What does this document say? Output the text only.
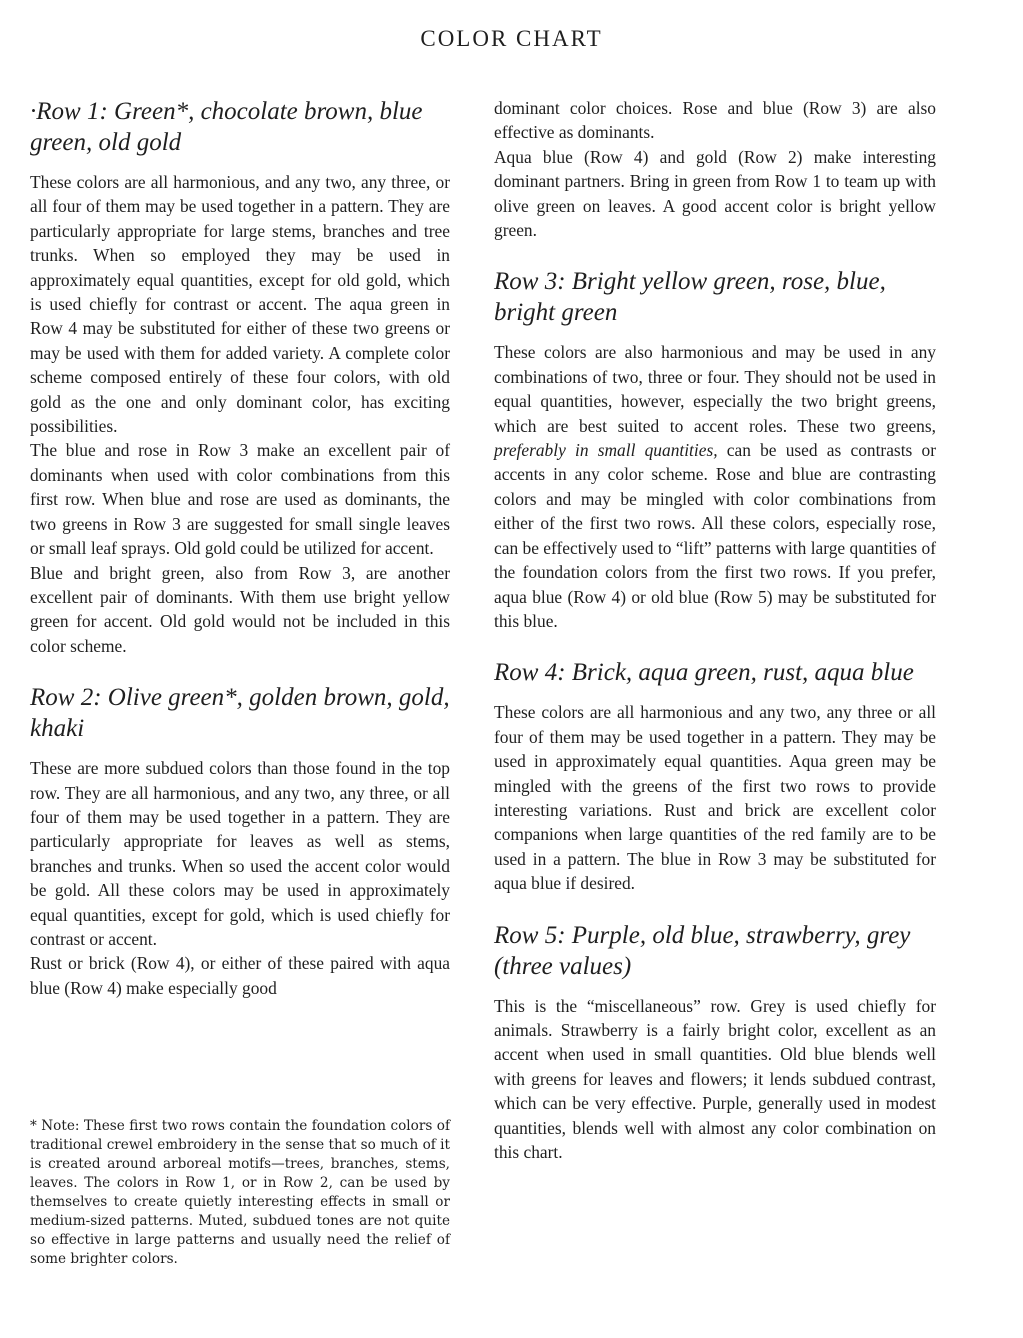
COLOR CHART
·Row 1: Green*, chocolate brown, blue green, old gold

These colors are all harmonious, and any two, any three, or all four of them may be used together in a pattern. They are particularly appropriate for large stems, branches and tree trunks. When so employed they may be used in approximately equal quantities, except for old gold, which is used chiefly for contrast or accent. The aqua green in Row 4 may be substituted for either of these two greens or may be used with them for added variety. A complete color scheme composed entirely of these four colors, with old gold as the one and only dominant color, has exciting possibilities.

The blue and rose in Row 3 make an excellent pair of dominants when used with color combinations from this first row. When blue and rose are used as dominants, the two greens in Row 3 are suggested for small single leaves or small leaf sprays. Old gold could be utilized for accent.

Blue and bright green, also from Row 3, are another excellent pair of dominants. With them use bright yellow green for accent. Old gold would not be included in this color scheme.

Row 2: Olive green*, golden brown, gold, khaki

These are more subdued colors than those found in the top row. They are all harmonious, and any two, any three, or all four of them may be used together in a pattern. They are particularly appropriate for leaves as well as stems, branches and trunks. When so used the accent color would be gold. All these colors may be used in approximately equal quantities, except for gold, which is used chiefly for contrast or accent.

Rust or brick (Row 4), or either of these paired with aqua blue (Row 4) make especially good

* Note: These first two rows contain the foundation colors of traditional crewel embroidery in the sense that so much of it is created around arboreal motifs—trees, branches, stems, leaves. The colors in Row 1, or in Row 2, can be used by themselves to create quietly interesting effects in small or medium-sized patterns. Muted, subdued tones are not quite so effective in large patterns and usually need the relief of some brighter colors.

dominant color choices. Rose and blue (Row 3) are also effective as dominants.

Aqua blue (Row 4) and gold (Row 2) make interesting dominant partners. Bring in green from Row 1 to team up with olive green on leaves. A good accent color is bright yellow green.

Row 3: Bright yellow green, rose, blue, bright green

These colors are also harmonious and may be used in any combinations of two, three or four. They should not be used in equal quantities, however, especially the two bright greens, which are best suited to accent roles. These two greens, preferably in small quantities, can be used as contrasts or accents in any color scheme. Rose and blue are contrasting colors and may be mingled with color combinations from either of the first two rows. All these colors, especially rose, can be effectively used to “lift” patterns with large quantities of the foundation colors from the first two rows. If you prefer, aqua blue (Row 4) or old blue (Row 5) may be substituted for this blue.

Row 4: Brick, aqua green, rust, aqua blue

These colors are all harmonious and any two, any three or all four of them may be used together in a pattern. They may be used in approximately equal quantities. Aqua green may be mingled with the greens of the first two rows to provide interesting variations. Rust and brick are excellent color companions when large quantities of the red family are to be used in a pattern. The blue in Row 3 may be substituted for aqua blue if desired.

Row 5: Purple, old blue, strawberry, grey (three values)

This is the “miscellaneous” row. Grey is used chiefly for animals. Strawberry is a fairly bright color, excellent as an accent when used in small quantities. Old blue blends well with greens for leaves and flowers; it lends subdued contrast, which can be very effective. Purple, generally used in modest quantities, blends well with almost any color combination on this chart.
